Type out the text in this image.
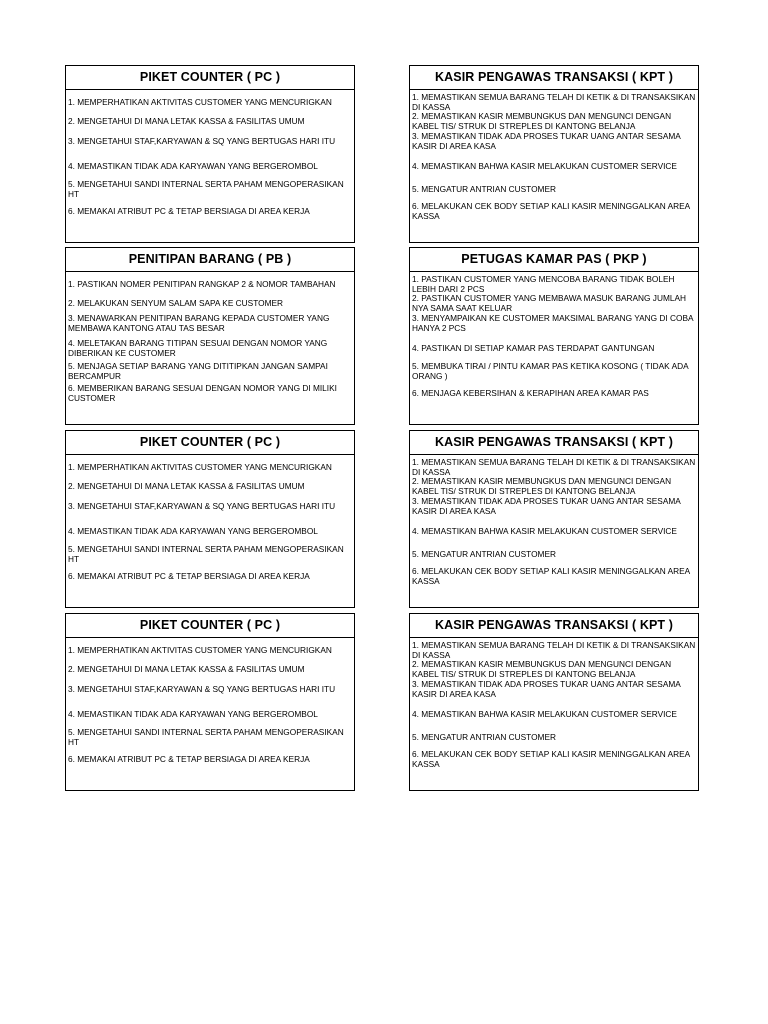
PIKET COUNTER ( PC )
1. MEMPERHATIKAN AKTIVITAS CUSTOMER YANG MENCURIGKAN
2. MENGETAHUI DI MANA LETAK KASSA & FASILITAS UMUM
3. MENGETAHUI STAF,KARYAWAN & SQ YANG BERTUGAS HARI ITU
4. MEMASTIKAN TIDAK ADA KARYAWAN YANG BERGEROMBOL
5. MENGETAHUI SANDI INTERNAL SERTA PAHAM MENGOPERASIKAN HT
6. MEMAKAI ATRIBUT PC & TETAP BERSIAGA DI AREA KERJA
KASIR PENGAWAS TRANSAKSI ( KPT )
1. MEMASTIKAN SEMUA BARANG TELAH DI KETIK & DI TRANSAKSIKAN DI KASSA
2. MEMASTIKAN KASIR MEMBUNGKUS DAN MENGUNCI DENGAN KABEL TIS/ STRUK DI STREPLES DI KANTONG BELANJA
3. MEMASTIKAN TIDAK ADA PROSES TUKAR UANG ANTAR SESAMA KASIR DI AREA KASA
4. MEMASTIKAN BAHWA KASIR MELAKUKAN CUSTOMER SERVICE
5. MENGATUR ANTRIAN CUSTOMER
6. MELAKUKAN CEK BODY SETIAP KALI KASIR MENINGGALKAN AREA KASSA
PENITIPAN BARANG ( PB )
1. PASTIKAN NOMER PENITIPAN RANGKAP 2 & NOMOR TAMBAHAN
2. MELAKUKAN SENYUM SALAM SAPA KE CUSTOMER
3. MENAWARKAN PENITIPAN BARANG KEPADA CUSTOMER YANG MEMBAWA KANTONG ATAU TAS BESAR
4. MELETAKAN BARANG TITIPAN SESUAI DENGAN NOMOR YANG DIBERIKAN KE CUSTOMER
5. MENJAGA SETIAP BARANG YANG DITITIPKAN JANGAN SAMPAI BERCAMPUR
6. MEMBERIKAN BARANG SESUAI DENGAN NOMOR YANG DI MILIKI CUSTOMER
PETUGAS KAMAR PAS ( PKP )
1. PASTIKAN CUSTOMER YANG MENCOBA BARANG TIDAK BOLEH LEBIH DARI 2 PCS
2. PASTIKAN CUSTOMER YANG MEMBAWA MASUK BARANG JUMLAH NYA SAMA SAAT KELUAR
3. MENYAMPAIKAN KE CUSTOMER MAKSIMAL BARANG YANG DI COBA HANYA 2 PCS
4. PASTIKAN DI SETIAP KAMAR PAS TERDAPAT GANTUNGAN
5. MEMBUKA TIRAI / PINTU KAMAR PAS KETIKA KOSONG ( TIDAK ADA ORANG )
6. MENJAGA KEBERSIHAN & KERAPIHAN AREA KAMAR PAS
PIKET COUNTER ( PC )
1. MEMPERHATIKAN AKTIVITAS CUSTOMER YANG MENCURIGKAN
2. MENGETAHUI DI MANA LETAK KASSA & FASILITAS UMUM
3. MENGETAHUI STAF,KARYAWAN & SQ YANG BERTUGAS HARI ITU
4. MEMASTIKAN TIDAK ADA KARYAWAN YANG BERGEROMBOL
5. MENGETAHUI SANDI INTERNAL SERTA PAHAM MENGOPERASIKAN HT
6. MEMAKAI ATRIBUT PC & TETAP BERSIAGA DI AREA KERJA
KASIR PENGAWAS TRANSAKSI ( KPT )
1. MEMASTIKAN SEMUA BARANG TELAH DI KETIK & DI TRANSAKSIKAN DI KASSA
2. MEMASTIKAN KASIR MEMBUNGKUS DAN MENGUNCI DENGAN KABEL TIS/ STRUK DI STREPLES DI KANTONG BELANJA
3. MEMASTIKAN TIDAK ADA PROSES TUKAR UANG ANTAR SESAMA KASIR DI AREA KASA
4. MEMASTIKAN BAHWA KASIR MELAKUKAN CUSTOMER SERVICE
5. MENGATUR ANTRIAN CUSTOMER
6. MELAKUKAN CEK BODY SETIAP KALI KASIR MENINGGALKAN AREA KASSA
PIKET COUNTER ( PC )
1. MEMPERHATIKAN AKTIVITAS CUSTOMER YANG MENCURIGKAN
2. MENGETAHUI DI MANA LETAK KASSA & FASILITAS UMUM
3. MENGETAHUI STAF,KARYAWAN & SQ YANG BERTUGAS HARI ITU
4. MEMASTIKAN TIDAK ADA KARYAWAN YANG BERGEROMBOL
5. MENGETAHUI SANDI INTERNAL SERTA PAHAM MENGOPERASIKAN HT
6. MEMAKAI ATRIBUT PC & TETAP BERSIAGA DI AREA KERJA
KASIR PENGAWAS TRANSAKSI ( KPT )
1. MEMASTIKAN SEMUA BARANG TELAH DI KETIK & DI TRANSAKSIKAN DI KASSA
2. MEMASTIKAN KASIR MEMBUNGKUS DAN MENGUNCI DENGAN KABEL TIS/ STRUK DI STREPLES DI KANTONG BELANJA
3. MEMASTIKAN TIDAK ADA PROSES TUKAR UANG ANTAR SESAMA KASIR DI AREA KASA
4. MEMASTIKAN BAHWA KASIR MELAKUKAN CUSTOMER SERVICE
5. MENGATUR ANTRIAN CUSTOMER
6. MELAKUKAN CEK BODY SETIAP KALI KASIR MENINGGALKAN AREA KASSA
